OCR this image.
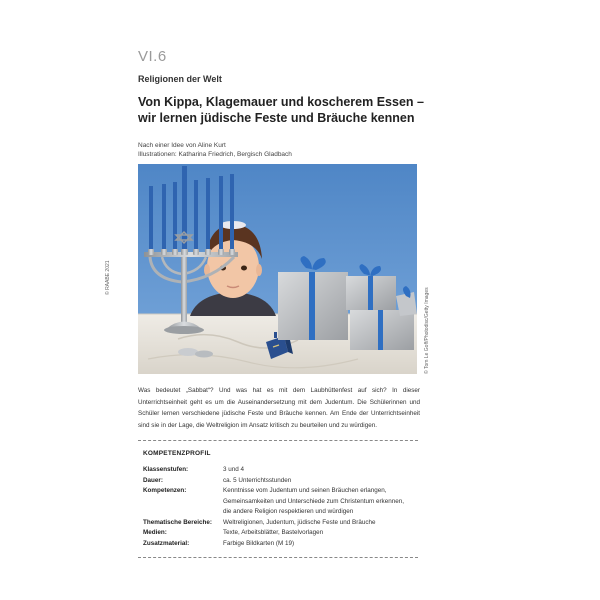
VI.6
Religionen der Welt
Von Kippa, Klagemauer und koscherem Essen –
wir lernen jüdische Feste und Bräuche kennen
Nach einer Idee von Aline Kurt
Illustrationen: Katharina Friedrich, Bergisch Gladbach
© RAABE 2021
© Tom Le Goff/Photodisc/Getty Images
Was bedeutet „Sabbat“? Und was hat es mit dem Laubhüttenfest auf sich? In dieser Unterrichtseinheit geht es um die Auseinandersetzung mit dem Judentum. Die Schülerinnen und Schüler lernen verschiedene jüdische Feste und Bräuche kennen. Am Ende der Unterrichtseinheit sind sie in der Lage, die Weltreligion im Ansatz kritisch zu beurteilen und zu würdigen.
KOMPETENZPROFIL
Klassenstufen:	3 und 4
Dauer:	ca. 5 Unterrichtsstunden
Kompetenzen:	Kenntnisse vom Judentum und seinen Bräuchen erlangen,
Gemeinsamkeiten und Unterschiede zum Christentum erkennen,
die andere Religion respektieren und würdigen
Thematische Bereiche:	Weltreligionen, Judentum, jüdische Feste und Bräuche
Medien:	Texte, Arbeitsblätter, Bastelvorlagen
Zusatzmaterial:	Farbige Bildkarten (M 19)
